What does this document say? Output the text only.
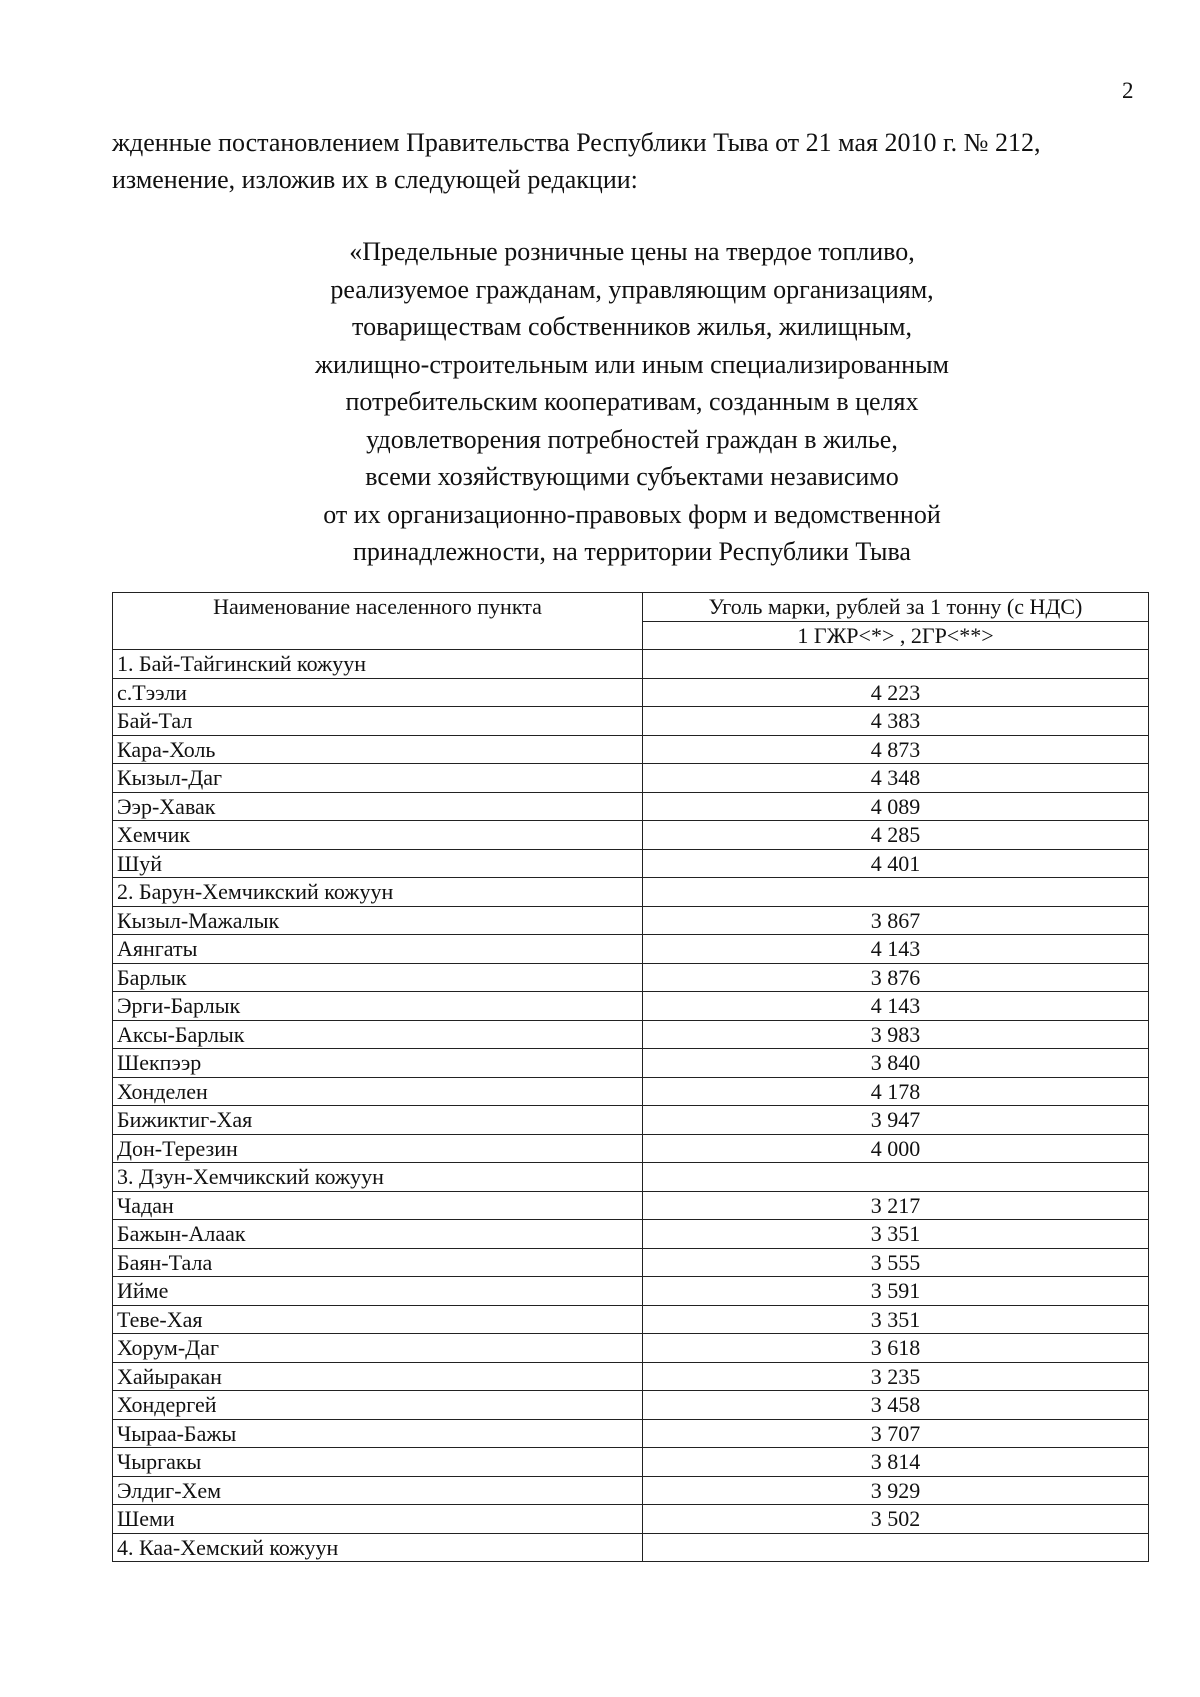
2
жденные постановлением Правительства Республики Тыва от 21 мая 2010 г. № 212,
изменение, изложив их в следующей редакции:
«Предельные розничные цены на твердое топливо,
реализуемое гражданам, управляющим организациям,
товариществам собственников жилья, жилищным,
жилищно-строительным или иным специализированным
потребительским кооперативам, созданным в целях
удовлетворения потребностей граждан в жилье,
всеми хозяйствующими субъектами независимо
от их организационно-правовых форм и ведомственной
принадлежности, на территории Республики Тыва
Наименование населенного пункта	Уголь марки, рублей за 1 тонну (с НДС)
	1 ГЖР<*> , 2ГР<**>
1. Бай-Тайгинский кожуун	
с.Тээли	4 223
Бай-Тал	4 383
Кара-Холь	4 873
Кызыл-Даг	4 348
Ээр-Хавак	4 089
Хемчик	4 285
Шуй	4 401
2. Барун-Хемчикский кожуун	
Кызыл-Мажалык	3 867
Аянгаты	4 143
Барлык	3 876
Эрги-Барлык	4 143
Аксы-Барлык	3 983
Шекпээр	3 840
Хонделен	4 178
Бижиктиг-Хая	3 947
Дон-Терезин	4 000
3. Дзун-Хемчикский кожуун	
Чадан	3 217
Бажын-Алаак	3 351
Баян-Тала	3 555
Ийме	3 591
Теве-Хая	3 351
Хорум-Даг	3 618
Хайыракан	3 235
Хондергей	3 458
Чыраа-Бажы	3 707
Чыргакы	3 814
Элдиг-Хем	3 929
Шеми	3 502
4. Каа-Хемский кожуун	
